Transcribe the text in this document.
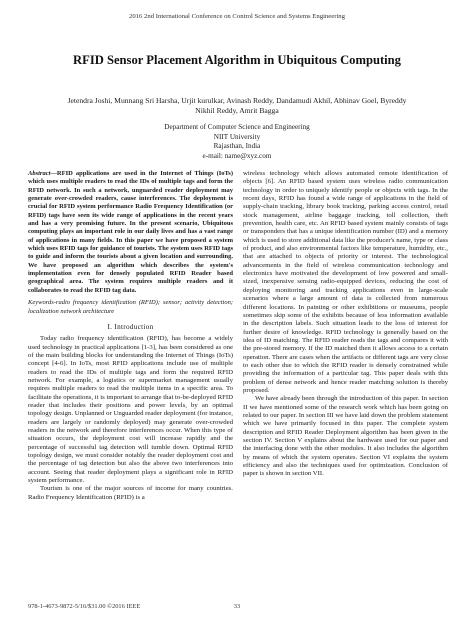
2016 2nd International Conference on Control Science and Systems Engineering
RFID Sensor Placement Algorithm in Ubiquitous Computing
Jetendra Joshi, Munnang Sri Harsha, Urjit kurulkar, Avinash Reddy, Dandamudi Akhil, Abhinav Goel, Byreddy
Nikhil Reddy, Amrit Bagga
Department of Computer Science and Engineering
NIIT University
Rajasthan, India
e-mail: name@xyz.com
Abstract—RFID applications are used in the Internet of Things (IoTs) which uses multiple readers to read the IDs of multiple tags and form the RFID network. In such a network, unguarded reader deployment may generate over-crowded readers, cause interferences. The deployment is crucial for RFID system performance Radio Frequency Identification (or RFID) tags have seen its wide range of applications in the recent years and has a very promising future. In the present scenario, Ubiquitous computing plays an important role in our daily lives and has a vast range of applications in many fields. In this paper we have proposed a system which uses RFID tags for guidance of tourists. The system uses RFID tags to guide and inform the tourists about a given location and surrounding. We have proposed an algorithm which describes the system's implementation even for densely populated RFID Reader based geographical area. The system requires multiple readers and it collaborates to read the RFID tag data.
Keywords-radio frequency identification (RFID); sensor; activity detection; localization network architecture
I. Introduction
Today radio frequency identification (RFID), has become a widely used technology in practical applications [1-3], has been considered as one of the main building blocks for understanding the Internet of Things (IoTs) concept [4-6]. In IoTs, most RFID applications include use of multiple readers to read the IDs of multiple tags and form the required RFID network. For example, a logistics or supermarket management usually requires multiple readers to read the multiple items in a specific area. To facilitate the operations, it is important to arrange that to-be-deployed RFID reader that includes their positions and power levels, by an optimal topology design. Unplanned or Unguarded reader deployment (for instance, readers are largely or randomly deployed) may generate over-crowded readers in the network and therefore interferences occur. When this type of situation occurs, the deployment cost will increase rapidly and the percentage of successful tag detection will tumble down. Optimal RFID topology design, we must consider notably the reader deployment cost and the percentage of tag detection but also the above two interferences into account. Seeing that reader deployment plays a significant role in RFID system performance.
Tourism is one of the major sources of income for many countries. Radio Frequency Identification (RFID) is a
wireless technology which allows automated remote identification of objects [6]. An RFID based system uses wireless radio communication technology in order to uniquely identify people or objects with tags. In the recent days, RFID has found a wide range of applications in the field of supply-chain tracking, library book tracking, parking access control, retail stock management, airline baggage tracking, toll collection, theft prevention, health care, etc. An RFID based system mainly consists of tags or transponders that has a unique identification number (ID) and a memory which is used to store additional data like the producer's name, type or class of product, and also environmental factors like temperature, humidity, etc., that are attached to objects of priority or interest. The technological advancements in the field of wireless communication technology and electronics have motivated the development of low powered and small-sized, inexpensive sensing radio-equipped devices, reducing the cost of deploying monitoring and tracking applications even in large-scale scenarios where a large amount of data is collected from numerous different locations. In painting or other exhibitions or museums, people sometimes skip some of the exhibits because of less information available in the description labels. Such situation leads to the loss of interest for further desire of knowledge. RFID technology is generally based on the idea of ID matching. The RFID reader reads the tags and compares it with the pre-stored memory. If the ID matched then it allows access to a certain operation. There are cases when the artifacts or different tags are very close to each other due to which the RFID reader is densely constrained while providing the information of a particular tag. This paper deals with this problem of dense network and hence reader matching solution is thereby proposed.
We have already been through the introduction of this paper. In section II we have mentioned some of the research work which has been going on related to our paper. In section III we have laid down the problem statement which we have primarily focused in this paper. The complete system description and RFID Reader Deployment algorithm has been given in the section IV. Section V explains about the hardware used for our paper and the interfacing done with the other modules. It also includes the algorithm by means of which the system operates. Section VI explains the system efficiency and also the techniques used for optimization. Conclusion of paper is shown in section VII.
978-1-4673-9872-5/16/$31.00 ©2016 IEEE	33
